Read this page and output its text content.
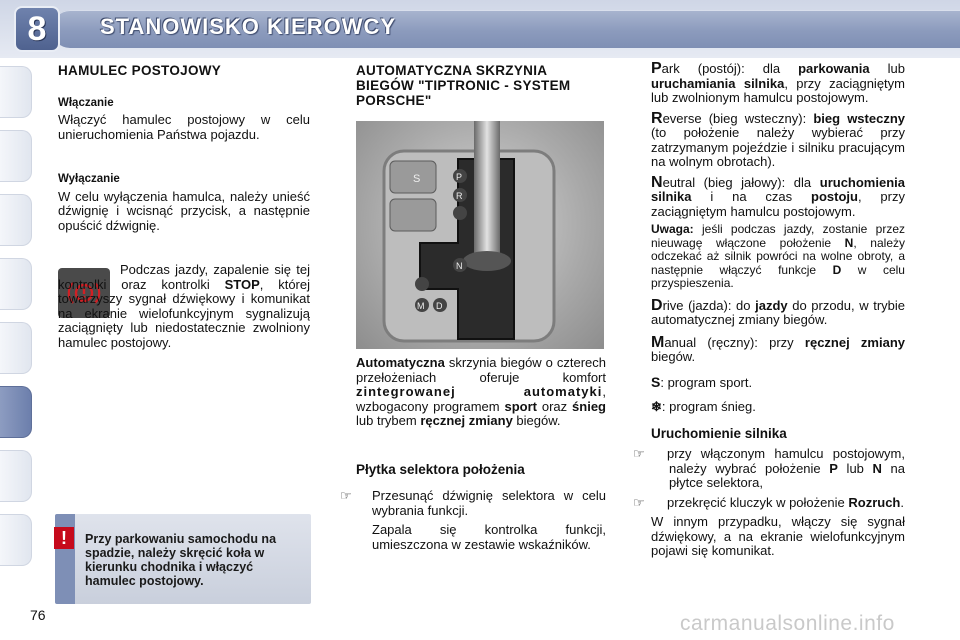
8	STANOWISKO KIEROWCY
HAMULEC POSTOJOWY
Włączanie

Włączyć hamulec postojowy w celu unieruchomienia Państwa pojazdu.

Wyłączanie

W celu wyłączenia hamulca, należy unieść dźwignię i wcisnąć przycisk, a następnie opuścić dźwignię.

Podczas jazdy, zapalenie się tej kontrolki oraz kontrolki STOP, której towarzyszy sygnał dźwiękowy i komunikat na ekranie wielofunkcyjnym sygnalizują zaciągnięty lub niedostatecznie zwolniony hamulec postojowy.

!	Przy parkowaniu samochodu na spadzie, należy skręcić koła w kierunku chodnika i włączyć hamulec postojowy.
AUTOMATYCZNA SKRZYNIA BIEGÓW "TIPTRONIC - SYSTEM PORSCHE"
S	P
R
N
M D

Automatyczna skrzynia biegów o czterech przełożeniach oferuje komfort zintegrowanej automatyki, wzbogacony programem sport oraz śnieg lub trybem ręcznej zmiany biegów.

Płytka selektora położenia

☞ Przesunąć dźwignię selektora w celu wybrania funkcji.

Zapala się kontrolka funkcji, umieszczona w zestawie wskaźników.

Park (postój): dla parkowania lub uruchamiania silnika, przy zaciągniętym lub zwolnionym hamulcu postojowym.

Reverse (bieg wsteczny): bieg wsteczny (to położenie należy wybierać przy zatrzymanym pojeździe i silniku pracującym na wolnym obrotach).

Neutral (bieg jałowy): dla uruchomienia silnika i na czas postoju, przy zaciągniętym hamulcu postojowym.

Uwaga: jeśli podczas jazdy, zostanie przez nieuwagę włączone położenie N, należy odczekać aż silnik powróci na wolne obroty, a następnie włączyć funkcje D w celu przyspieszenia.

Drive (jazda): do jazdy do przodu, w trybie automatycznej zmiany biegów.

Manual (ręczny): przy ręcznej zmiany biegów.

S: program sport.

❄: program śnieg.

Uruchomienie silnika

☞ przy włączonym hamulcu postojowym, należy wybrać położenie P lub N na płytce selektora,

☞ przekręcić kluczyk w położenie Rozruch.

W innym przypadku, włączy się sygnał dźwiękowy, a na ekranie wielofunkcyjnym pojawi się komunikat.

76	carmanualsonline.info
